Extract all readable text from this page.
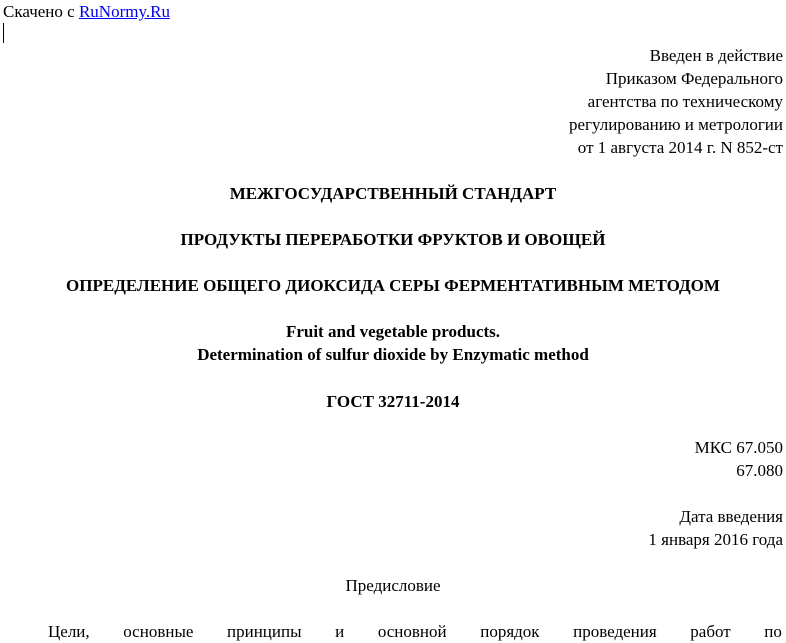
Скачено с RuNormy.Ru
Введен в действие
Приказом Федерального
агентства по техническому
регулированию и метрологии
от 1 августа 2014 г. N 852-ст
МЕЖГОСУДАРСТВЕННЫЙ СТАНДАРТ
ПРОДУКТЫ ПЕРЕРАБОТКИ ФРУКТОВ И ОВОЩЕЙ
ОПРЕДЕЛЕНИЕ ОБЩЕГО ДИОКСИДА СЕРЫ ФЕРМЕНТАТИВНЫМ МЕТОДОМ
Fruit and vegetable products.
Determination of sulfur dioxide by Enzymatic method
ГОСТ 32711-2014
МКС 67.050
67.080
Дата введения
1 января 2016 года
Предисловие
Цели, основные принципы и основной порядок проведения работ по
